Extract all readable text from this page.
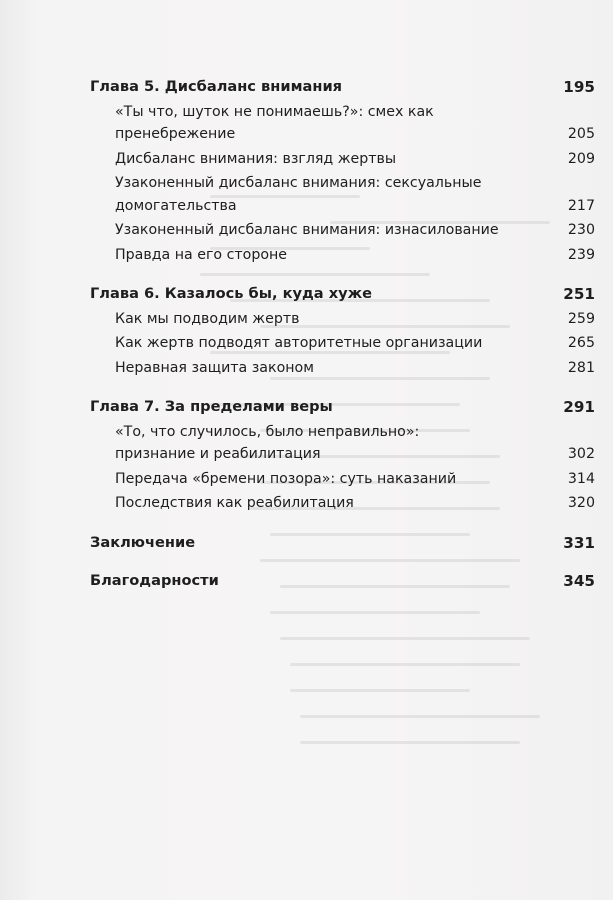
Глава 5. Дисбаланс внимания	195
«Ты что, шуток не понимаешь?»: смех как пренебрежение	205
Дисбаланс внимания: взгляд жертвы	209
Узаконенный дисбаланс внимания: сексуальные домогательства	217
Узаконенный дисбаланс внимания: изнасилование	230
Правда на его стороне	239
Глава 6. Казалось бы, куда хуже	251
Как мы подводим жертв	259
Как жертв подводят авторитетные организации	265
Неравная защита законом	281
Глава 7. За пределами веры	291
«То, что случилось, было неправильно»: признание и реабилитация	302
Передача «бремени позора»: суть наказаний	314
Последствия как реабилитация	320
Заключение	331
Благодарности	345
